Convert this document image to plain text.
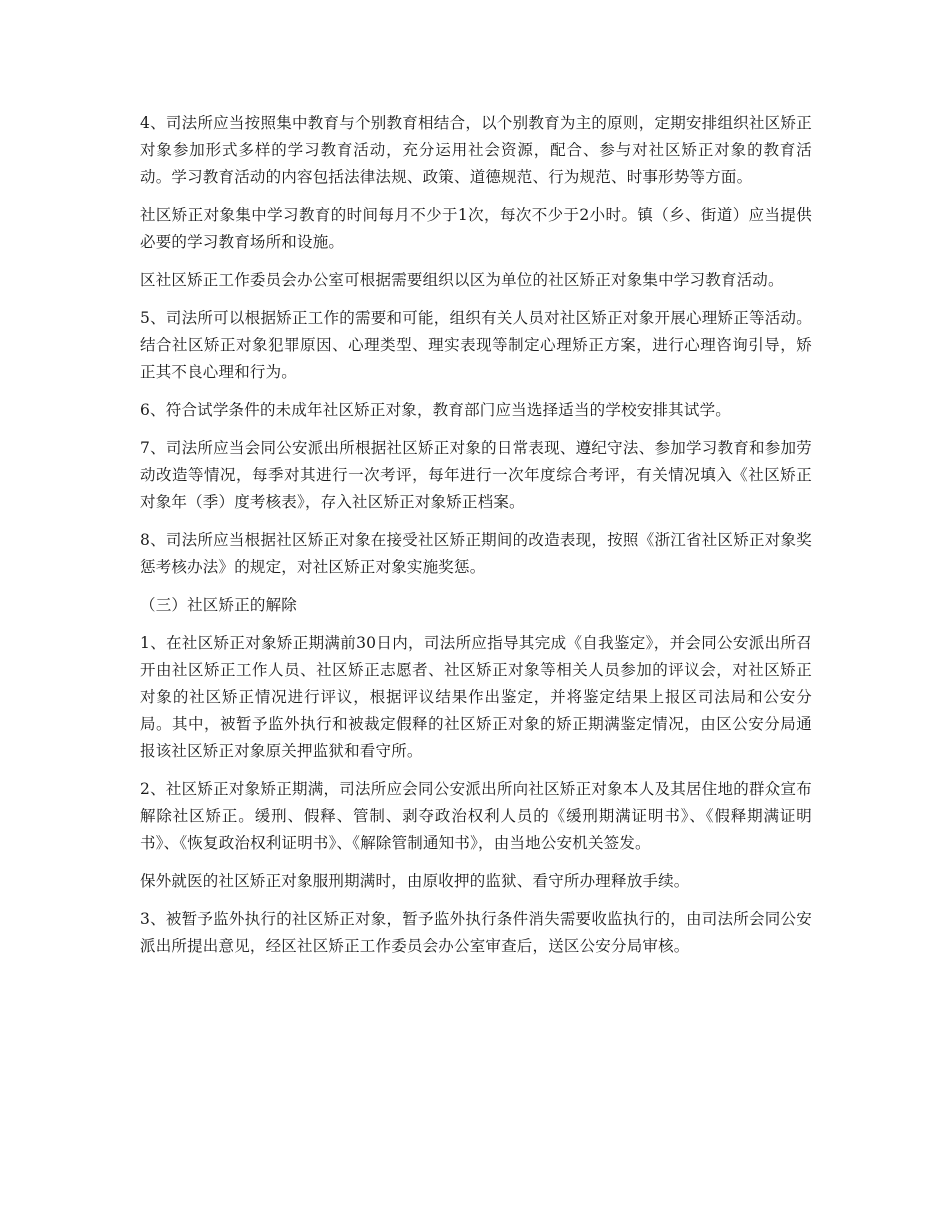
4、司法所应当按照集中教育与个别教育相结合，以个别教育为主的原则，定期安排组织社区矫正对象参加形式多样的学习教育活动，充分运用社会资源，配合、参与对社区矫正对象的教育活动。学习教育活动的内容包括法律法规、政策、道德规范、行为规范、时事形势等方面。

社区矫正对象集中学习教育的时间每月不少于1次，每次不少于2小时。镇（乡、街道）应当提供必要的学习教育场所和设施。

区社区矫正工作委员会办公室可根据需要组织以区为单位的社区矫正对象集中学习教育活动。

5、司法所可以根据矫正工作的需要和可能，组织有关人员对社区矫正对象开展心理矫正等活动。结合社区矫正对象犯罪原因、心理类型、理实表现等制定心理矫正方案，进行心理咨询引导，矫正其不良心理和行为。

6、符合试学条件的未成年社区矫正对象，教育部门应当选择适当的学校安排其试学。

7、司法所应当会同公安派出所根据社区矫正对象的日常表现、遵纪守法、参加学习教育和参加劳动改造等情况，每季对其进行一次考评，每年进行一次年度综合考评，有关情况填入《社区矫正对象年（季）度考核表》，存入社区矫正对象矫正档案。

8、司法所应当根据社区矫正对象在接受社区矫正期间的改造表现，按照《浙江省社区矫正对象奖惩考核办法》的规定，对社区矫正对象实施奖惩。

（三）社区矫正的解除

1、在社区矫正对象矫正期满前30日内，司法所应指导其完成《自我鉴定》，并会同公安派出所召开由社区矫正工作人员、社区矫正志愿者、社区矫正对象等相关人员参加的评议会，对社区矫正对象的社区矫正情况进行评议，根据评议结果作出鉴定，并将鉴定结果上报区司法局和公安分局。其中，被暂予监外执行和被裁定假释的社区矫正对象的矫正期满鉴定情况，由区公安分局通报该社区矫正对象原关押监狱和看守所。

2、社区矫正对象矫正期满，司法所应会同公安派出所向社区矫正对象本人及其居住地的群众宣布解除社区矫正。缓刑、假释、管制、剥夺政治权利人员的《缓刑期满证明书》、《假释期满证明书》、《恢复政治权利证明书》、《解除管制通知书》，由当地公安机关签发。

保外就医的社区矫正对象服刑期满时，由原收押的监狱、看守所办理释放手续。

3、被暂予监外执行的社区矫正对象，暂予监外执行条件消失需要收监执行的，由司法所会同公安派出所提出意见，经区社区矫正工作委员会办公室审查后，送区公安分局审核。
